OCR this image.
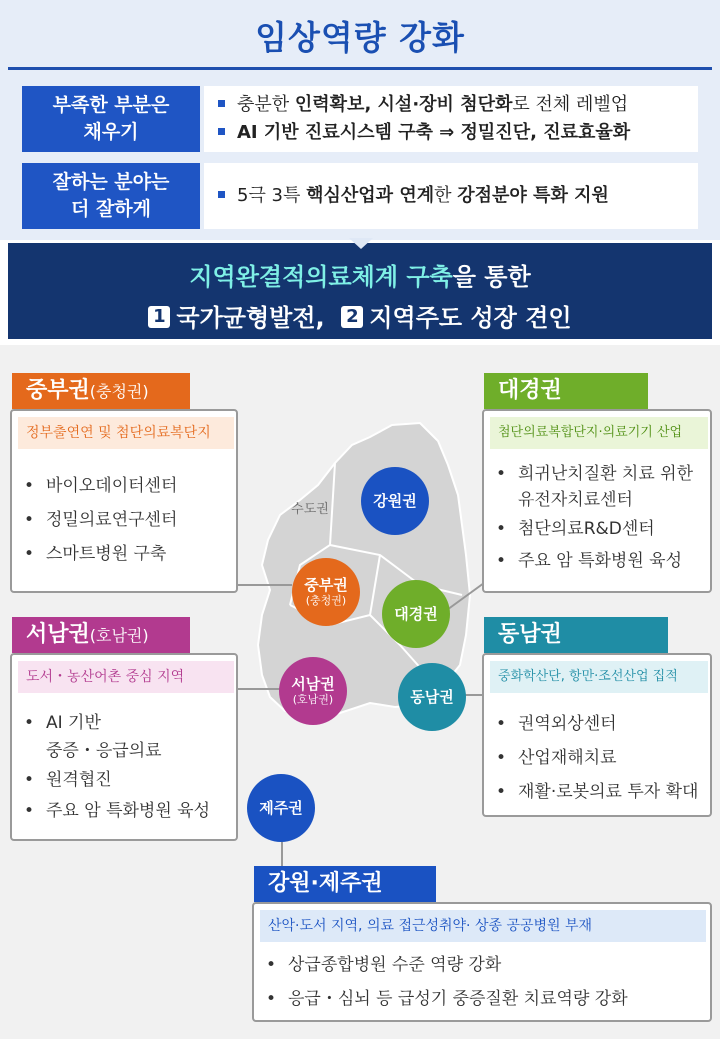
임상역량 강화
부족한 부분은
채우기
충분한 인력확보, 시설·장비 첨단화로 전체 레벨업
AI 기반 진료시스템 구축 ⇒ 정밀진단, 진료효율화
잘하는 분야는
더 잘하게
5극 3특 핵심산업과 연계한 강점분야 특화 지원
지역완결적의료체계 구축을 통한
1 국가균형발전, 2 지역주도 성장 견인
수도권	강원권
중부권
(충청권)
대경권
서남권
(호남권)	동남권
제주권
중부권(충청권)
정부출연연 및 첨단의료복단지
• 바이오데이터센터
• 정밀의료연구센터
• 스마트병원 구축
대경권
첨단의료복합단지·의료기기 산업
• 희귀난치질환 치료 위한
유전자치료센터
• 첨단의료R&D센터
• 주요 암 특화병원 육성
서남권(호남권)
도서・농산어촌 중심 지역
• AI 기반
중증・응급의료
• 원격협진
• 주요 암 특화병원 육성
동남권
중화학산단, 항만·조선산업 집적
• 권역외상센터
• 산업재해치료
• 재활·로봇의료 투자 확대
강원·제주권
산악·도서 지역, 의료 접근성취약· 상종 공공병원 부재
• 상급종합병원 수준 역량 강화
• 응급・심뇌 등 급성기 중증질환 치료역량 강화
